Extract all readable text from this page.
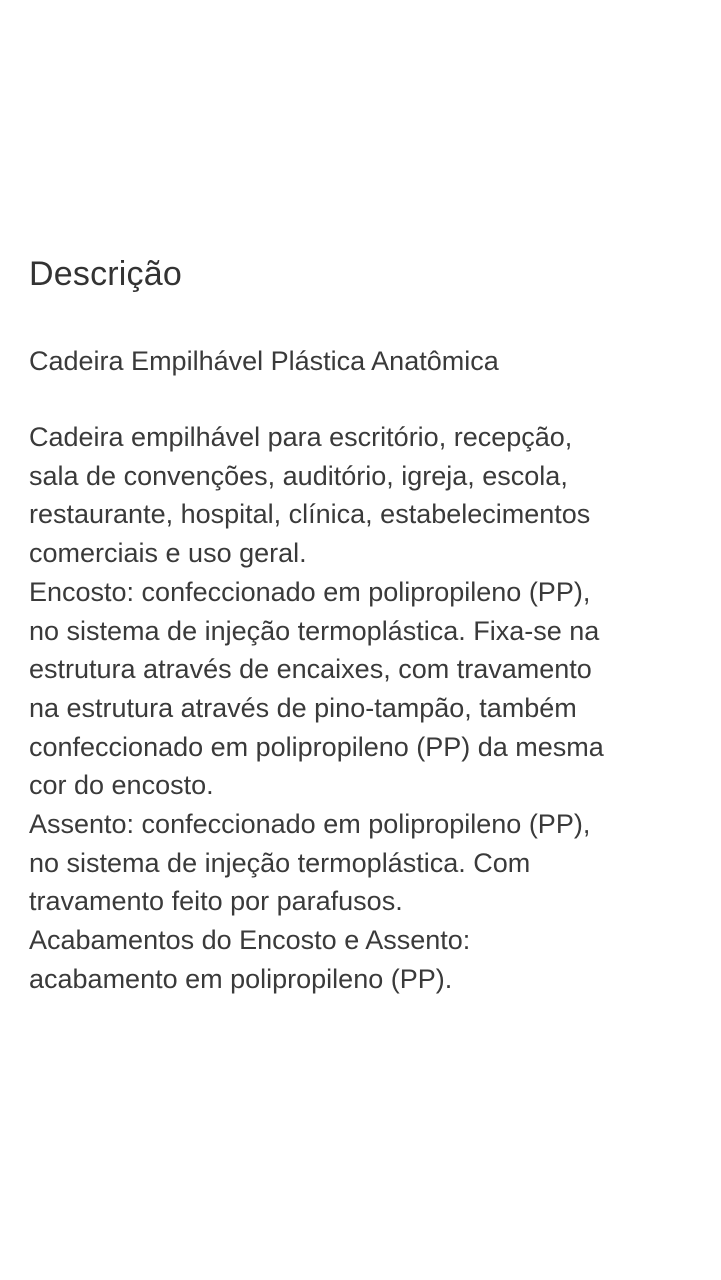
Descrição

Cadeira Empilhável Plástica Anatômica

Cadeira empilhável para escritório, recepção,
sala de convenções, auditório, igreja, escola,
restaurante, hospital, clínica, estabelecimentos
comerciais e uso geral.
Encosto: confeccionado em polipropileno (PP),
no sistema de injeção termoplástica. Fixa-se na
estrutura através de encaixes, com travamento
na estrutura através de pino-tampão, também
confeccionado em polipropileno (PP) da mesma
cor do encosto.
Assento: confeccionado em polipropileno (PP),
no sistema de injeção termoplástica. Com
travamento feito por parafusos.
Acabamentos do Encosto e Assento:
acabamento em polipropileno (PP).
